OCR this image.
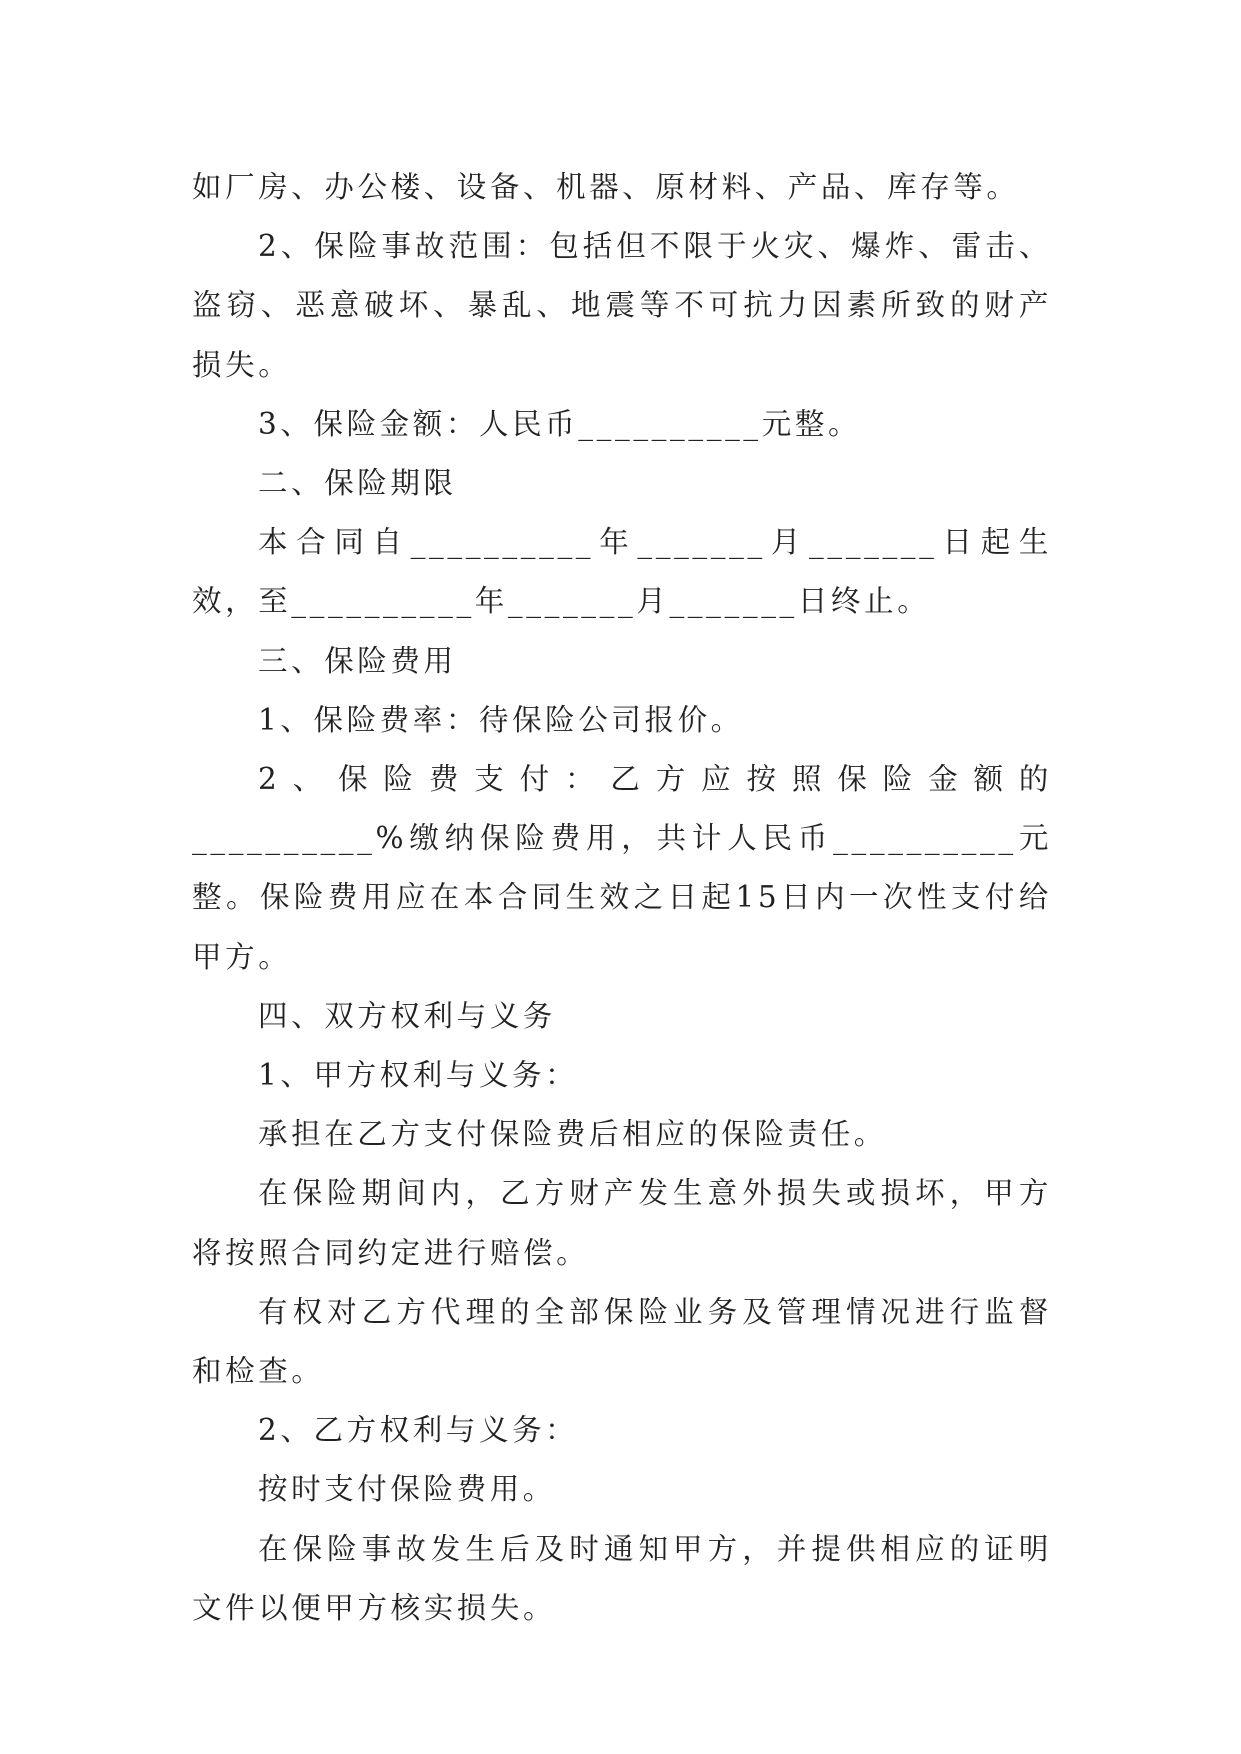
如厂房、办公楼、设备、机器、原材料、产品、库存等。

2、保险事故范围：包括但不限于火灾、爆炸、雷击、盗窃、恶意破坏、暴乱、地震等不可抗力因素所致的财产损失。

3、保险金额：人民币__________元整。

二、保险期限

本合同自__________年_______月_______日起生效，至__________年_______月_______日终止。

三、保险费用

1、保险费率：待保险公司报价。

2、保险费支付：乙方应按照保险金额的__________%缴纳保险费用，共计人民币__________元整。保险费用应在本合同生效之日起15日内一次性支付给甲方。

四、双方权利与义务

1、甲方权利与义务：

承担在乙方支付保险费后相应的保险责任。

在保险期间内，乙方财产发生意外损失或损坏，甲方将按照合同约定进行赔偿。

有权对乙方代理的全部保险业务及管理情况进行监督和检查。

2、乙方权利与义务：

按时支付保险费用。

在保险事故发生后及时通知甲方，并提供相应的证明文件以便甲方核实损失。
